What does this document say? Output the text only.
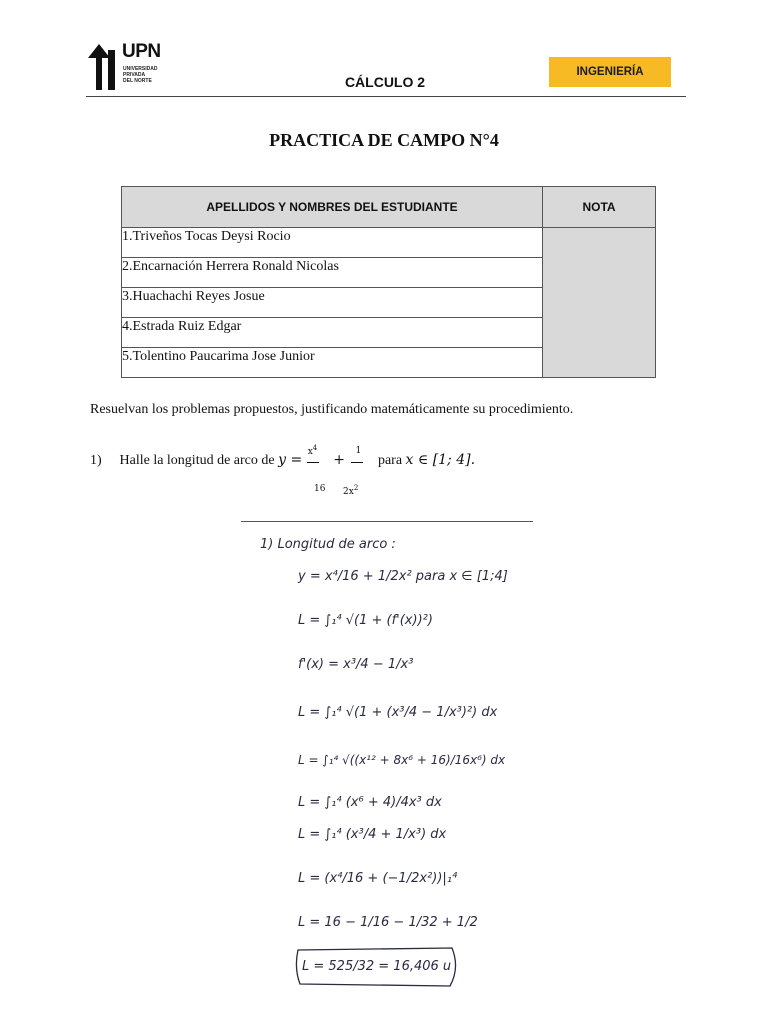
UPN
UNIVERSIDAD
PRIVADA
DEL NORTE	CÁLCULO 2
INGENIERÍA
PRACTICA DE CAMPO N°4
APELLIDOS Y NOMBRES DEL ESTUDIANTE	NOTA
1.Triveños Tocas Deysi Rocio	
2.Encarnación Herrera Ronald Nicolas	
3.Huachachi Reyes Josue	
4.Estrada Ruiz Edgar	
5.Tolentino Paucarima Jose Junior	
Resuelvan los problemas propuestos, justificando matemáticamente su procedimiento.
1) Halle la longitud de arco de $y = x^4$
+
1
para x ∈ [1; 4].
16 $2x^2$
1) Longitud de arco :
y = x⁴/16 + 1/2x² para x ∈ [1;4]
L = ∫₁⁴ √(1 + (f'(x))²)
f'(x) = x³/4 − 1/x³
L = ∫₁⁴ √(1 + (x³/4 − 1/x³)²) dx
L = ∫₁⁴ √((x¹² + 8x⁶ + 16)/16x⁶) dx
L = ∫₁⁴ (x⁶ + 4)/4x³ dx
L = ∫₁⁴ (x³/4 + 1/x³) dx
L = (x⁴/16 + (−1/2x²))|₁⁴
L = 16 − 1/16 − 1/32 + 1/2
L = 525/32 = 16,406 u
